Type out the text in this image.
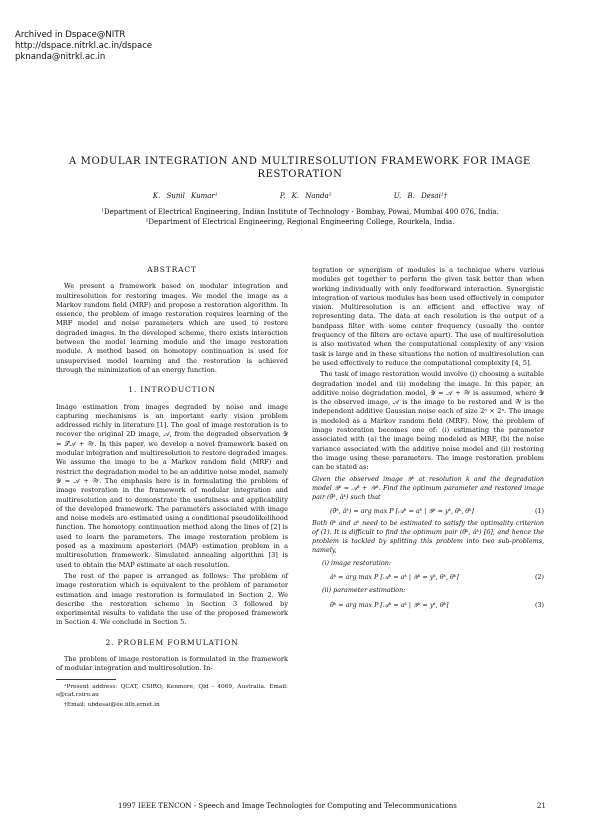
Archived in Dspace@NITR
http://dspace.nitrkl.ac.in/dspace
pknanda@nitrkl.ac.in
A MODULAR INTEGRATION AND MULTIRESOLUTION FRAMEWORK FOR IMAGE RESTORATION
K. Sunil Kumar¹	P. K. Nanda²	U. B. Desai¹†
¹Department of Electrical Engineering, Indian Institute of Technology - Bombay, Powai, Mumbai 400 076, India.
²Department of Electrical Engineering, Regional Engineering College, Rourkela, India.
ABSTRACT

We present a framework based on modular integration and multiresolution for restoring images. We model the image as a Markov random field (MRF) and propose a restoration algorithm. In essence, the problem of image restoration requires learning of the MRF model and noise parameters which are used to restore degraded images. In the developed scheme, there exists interaction between the model learning module and the image restoration module. A method based on homotopy continuation is used for unsupervised model learning and the restoration is achieved through the minimization of an energy function.

1. INTRODUCTION

Image estimation from images degraded by noise and image capturing mechanisms is an important early vision problem addressed richly in literature [1]. The goal of image restoration is to recover the original 2D image, 𝒜, from the degraded observation 𝒴 = 𝒮𝒜 + 𝒲. In this paper, we develop a novel framework based on modular integration and multiresolution to restore degraded images. We assume the image to be a Markov random field (MRF) and restrict the degradation model to be an additive noise model, namely 𝒴 = 𝒜 + 𝒲. The emphasis here is in formulating the problem of image restoration in the framework of modular integration and multiresolution and to demonstrate the usefulness and applicability of the developed framework. The parameters associated with image and noise models are estimated using a conditional pseudolikelihood function. The homotopy continuation method along the lines of [2] is used to learn the parameters. The image restoration problem is posed as a maximum aposteriori (MAP) estimation problem in a multiresolution framework. Simulated annealing algorithm [3] is used to obtain the MAP estimate at each resolution.

The rest of the paper is arranged as follows: The problem of image restoration which is equivalent to the problem of parameter estimation and image restoration is formulated in Section 2. We describe the restoration scheme in Section 3 followed by experimental results to validate the use of the proposed framework in Section 4. We conclude in Section 5.

2. PROBLEM FORMULATION

The problem of image restoration is formulated in the framework of modular integration and multiresolution. In-

¹Present address: QCAT, CSIRO, Kenmore, Qld - 4069, Australia. Email: s@cat.csiro.au

†Email: ubdesai@ee.iitb.ernet.in

tegration or synergism of modules is a technique where various modules get together to perform the given task better than when working individually with only feedforward interaction. Synergistic integration of various modules has been used effectively in computer vision. Multiresolution is an efficient and effective way of representing data. The data at each resolution is the output of a bandpass filter with some center frequency (usually the center frequency of the filters are octave apart). The use of multiresolution is also motivated when the computational complexity of any vision task is large and in these situations the notion of multiresolution can be used effectively to reduce the computational complexity [4, 5].

The task of image restoration would involve (i) choosing a suitable degradation model and (ii) modeling the image. In this paper, an additive noise degradation model, 𝒴 = 𝒜 + 𝒲 is assumed, where 𝒴 is the observed image, 𝒜 is the image to be restored and 𝒲 is the independent additive Gaussian noise each of size 2ⁿ × 2ⁿ. The image is modeled as a Markov random field (MRF). Now, the problem of image restoration becomes one of: (i) estimating the parameter associated with (a) the image being modeled as MRF, (b) the noise variance associated with the additive noise model and (ii) restoring the image using these parameters. The image restoration problem can be stated as:

Given the observed image 𝒴ᵏ at resolution k and the degradation model 𝒴ᵏ = 𝒜ᵏ + 𝒲ᵏ. Find the optimum parameter and restored image pair (θ̂ᵏ, âᵏ) such that

(θ̂ᵏ, âᵏ) = arg max P [𝒜ᵏ = aᵏ | 𝒴ᵏ = yᵏ, θᵏ, θᵏ]	(1)

Both θᵏ and aᵏ need to be estimated to satisfy the optimality criterion of (1). It is difficult to find the optimum pair (θ̂ᵏ, âᵏ) [6], and hence the problem is tackled by splitting this problem into two sub-problems, namely,

(i) image restoration:
âᵏ = arg max P [𝒜ᵏ = aᵏ | 𝒴ᵏ = yᵏ, θᵏ, θᵏ]	(2)
(ii) parameter estimation:
θ̂ᵏ = arg max P [𝒜ᵏ = aᵏ | 𝒴ᵏ = yᵏ, θᵏ]	(3)
1997 IEEE TENCON - Speech and Image Technologies for Computing and Telecommunications	21
